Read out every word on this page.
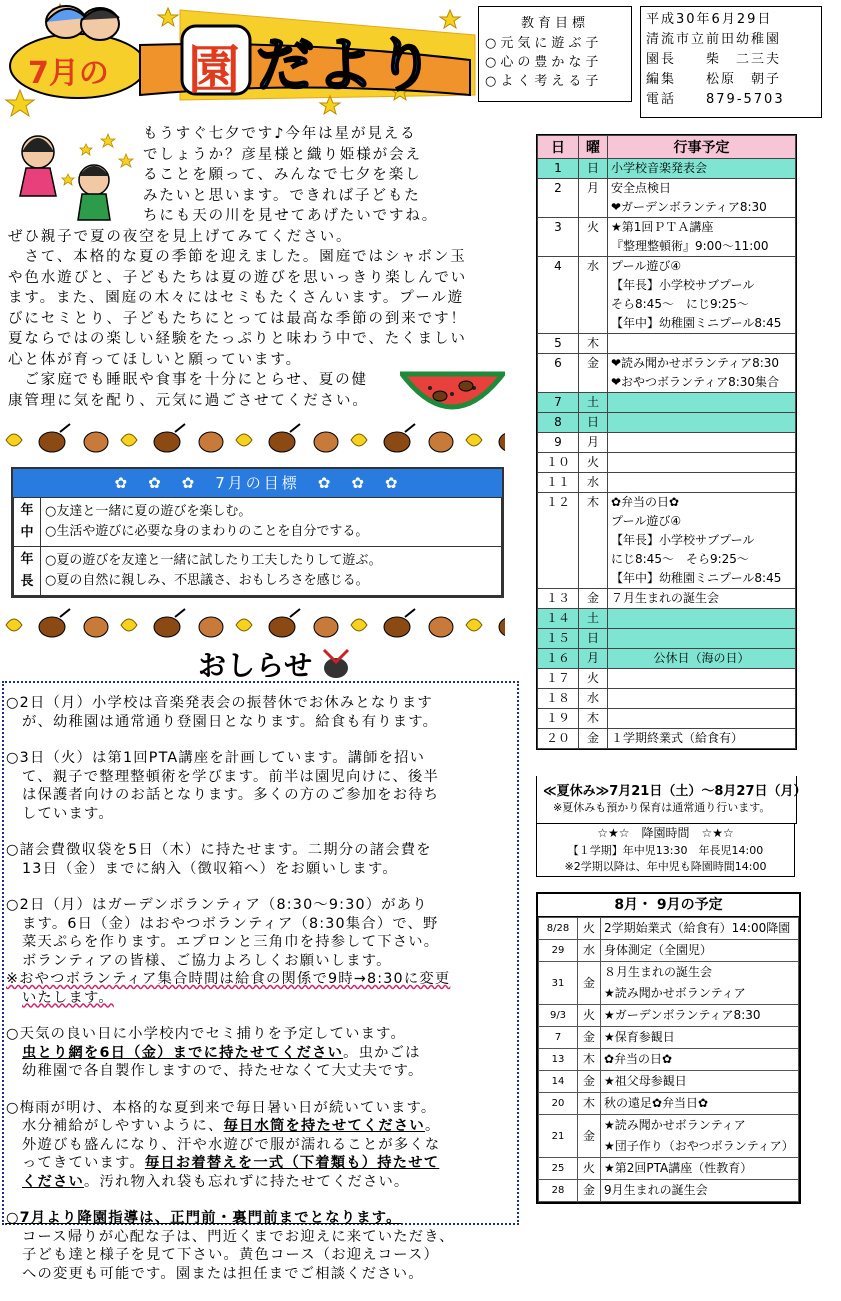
7月の 園 だより
教育目標
○元気に遊ぶ子
○心の豊かな子
○よく考える子
平成30年6月29日
清流市立前田幼稚園
園長　　柴　二三夫
編集　　松原　朝子
電話　　879-5703

もうすぐ七夕です♪今年は星が見える

でしょうか？彦星様と織り姫様が会え

ることを願って、みんなで七夕を楽し

みたいと思います。できれば子どもた

ちにも天の川を見せてあげたいですね。

ぜひ親子で夏の夜空を見上げてみてください。

　さて、本格的な夏の季節を迎えました。園庭ではシャボン玉

や色水遊びと、子どもたちは夏の遊びを思いっきり楽しんでい

ます。また、園庭の木々にはセミもたくさんいます。プール遊

びにセミとり、子どもたちにとっては最高な季節の到来です！

夏ならではの楽しい経験をたっぷりと味わう中で、たくましい

心と体が育ってほしいと願っています。

　ご家庭でも睡眠や食事を十分にとらせ、夏の健

康管理に気を配り、元気に過ごさせてください。

✿　✿　✿　7月の目標　✿　✿　✿
年中	○友達と一緒に夏の遊びを楽しむ。
○生活や遊びに必要な身のまわりのことを自分でする。

年長	○夏の遊びを友達と一緒に試したり工夫したりして遊ぶ。
○夏の自然に親しみ、不思議さ、おもしろさを感じる。
おしらせ
○2日（月）小学校は音楽発表会の振替休でお休みとなります
が、幼稚園は通常通り登園日となります。給食も有ります。
○3日（火）は第1回PTA講座を計画しています。講師を招い
て、親子で整理整頓術を学びます。前半は園児向けに、後半
は保護者向けのお話となります。多くの方のご参加をお待ち
しています。
○諸会費徴収袋を5日（木）に持たせます。二期分の諸会費を
13日（金）までに納入（徴収箱へ）をお願いします。
○2日（月）はガーデンボランティア（8:30～9:30）があり
ます。6日（金）はおやつボランティア（8:30集合）で、野
菜天ぷらを作ります。エプロンと三角巾を持参して下さい。
ボランティアの皆様、ご協力よろしくお願いします。
※おやつボランティア集合時間は給食の関係で9時→8:30に変更
いたします。
○天気の良い日に小学校内でセミ捕りを予定しています。
虫とり網を6日（金）までに持たせてください。虫かごは
幼稚園で各自製作しますので、持たせなくて大丈夫です。
○梅雨が明け、本格的な夏到来で毎日暑い日が続いています。
水分補給がしやすいように、毎日水筒を持たせてください。
外遊びも盛んになり、汗や水遊びで服が濡れることが多くな
ってきています。毎日お着替えを一式（下着類も）持たせて
ください。汚れ物入れ袋も忘れずに持たせてください。
○7月より降園指導は、正門前・裏門前までとなります。
コース帰りが心配な子は、門近くまでお迎えに来ていただき、
子ども達と様子を見て下さい。黄色コース（お迎えコース）
への変更も可能です。園または担任までご相談ください。
日	曜	行事予定
1	日	小学校音楽発表会

2	月	安全点検日
❤ガーデンボランティア8:30

3	火	★第1回ＰＴＡ講座
『整理整頓術』9:00～11:00

4	水	プール遊び④
【年長】小学校サブプール
そら8:45～　にじ9:25～
【年中】幼稚園ミニプール8:45

5	木	

6	金	❤読み聞かせボランティア8:30
❤おやつボランティア8:30集合

7	土	

8	日	

9	月	

１０	火	

１１	水	

１２	木	✿弁当の日✿
プール遊び④
【年長】小学校サブプール
にじ8:45～　そら9:25～
【年中】幼稚園ミニプール8:45

１３	金	７月生まれの誕生会

１４	土	

１５	日	

１６	月	公休日（海の日）

１７	火	

１８	水	

１９	木	

２０	金	１学期終業式（給食有）
≪夏休み≫7月21日（土）～8月27日（月）
※夏休みも預かり保育は通常通り行います。
☆★☆　降園時間　☆★☆
【１学期】年中児13:30　年長児14:00
※2学期以降は、年中児も降園時間14:00
8月・ 9月の予定
8/28	火	2学期始業式（給食有）14:00降園

29	水	身体測定（全園児）

31	金	８月生まれの誕生会
★読み聞かせボランティア

9/3	火	★ガーデンボランティア8:30

7	金	★保育参観日

13	木	✿弁当の日✿

14	金	★祖父母参観日

20	木	秋の遠足✿弁当日✿

21	金	★読み聞かせボランティア
★団子作り（おやつボランティア）

25	火	★第2回PTA講座（性教育）

28	金	9月生まれの誕生会
